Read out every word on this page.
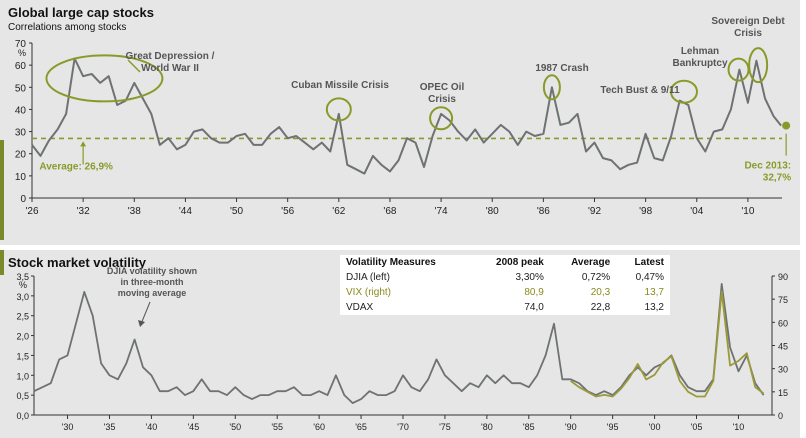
Global large cap stocks
Correlations among stocks
Stock market volatility
70
60
50
40
30
20
10
0
%
'26	'32	'38	'44	'50	'56	'62	'68	'74	'80	'86	'92	'98	'04	'10
Average: 26,9%	Dec 2013:
32,7%
Great Depression /
World War II
Cuban Missile Crisis	OPEC Oil
Crisis
1987 Crash
Tech Bust & 9/11
Lehman
Bankruptcy
Sovereign Debt
Crisis
3,5
3,0
2,5
2,0
1,5
1,0
0,5
0,0
%
90
75
60
45
30
15
0
'30	'35	'40	'45	'50	'55	'60	'65	'70	'75	'80	'85	'90	'95	'00	'05	'10
DJIA volatility shown
in three-month
moving average
Volatility Measures	2008 peak	Average	Latest
DJIA (left)	3,30%	0,72%	0,47%
VIX (right)	80,9	20,3	13,7
VDAX	74,0	22,8	13,2
